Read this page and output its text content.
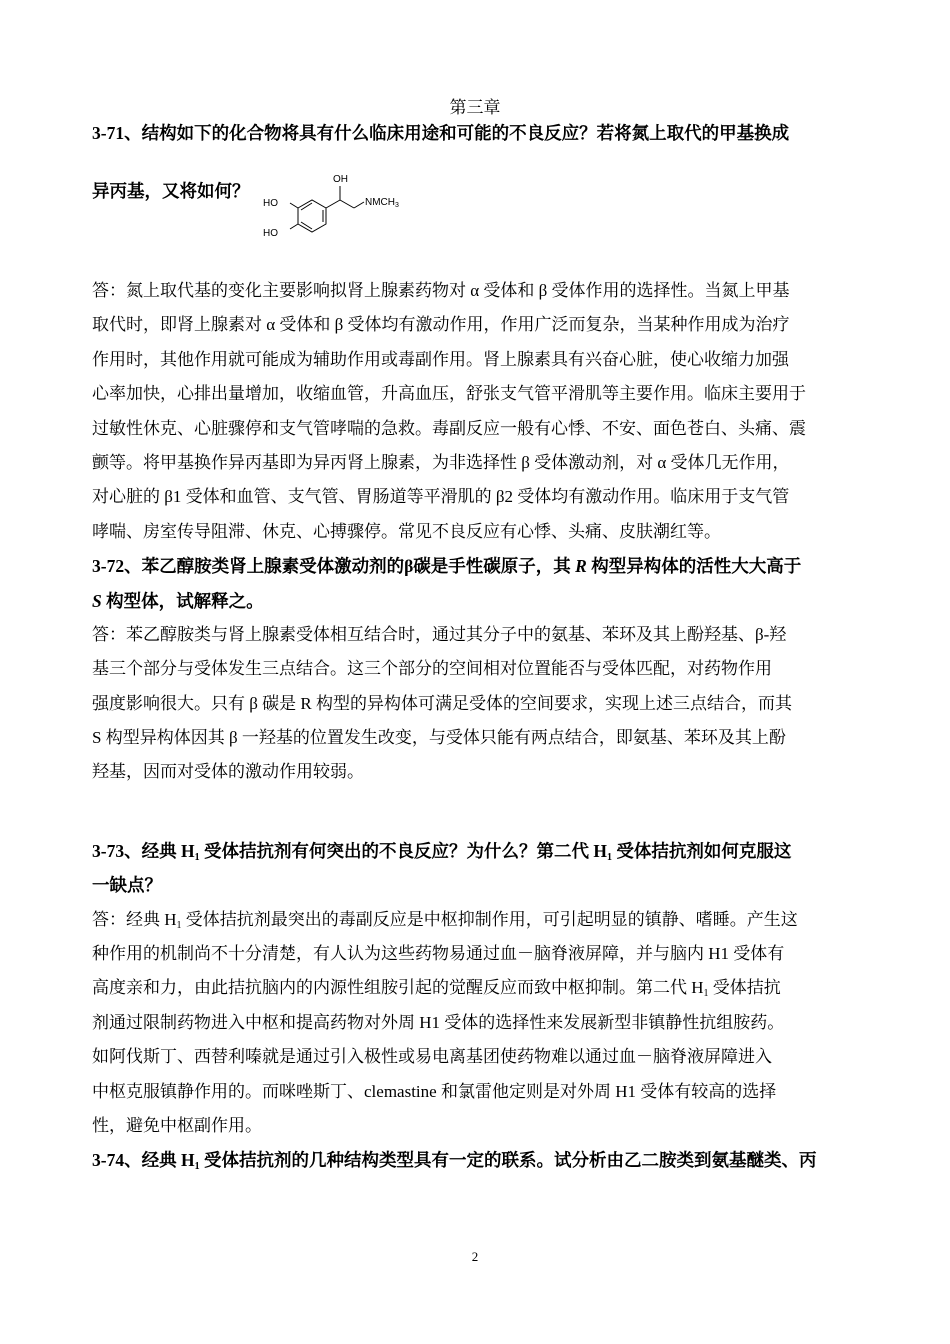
第三章
3-71、结构如下的化合物将具有什么临床用途和可能的不良反应？若将氮上取代的甲基换成
异丙基，又将如何？
OH
HO
HO
$NMCH_3$
答：氮上取代基的变化主要影响拟肾上腺素药物对 α 受体和 β 受体作用的选择性。当氮上甲基
取代时，即肾上腺素对 α 受体和 β 受体均有激动作用，作用广泛而复杂，当某种作用成为治疗
作用时，其他作用就可能成为辅助作用或毒副作用。肾上腺素具有兴奋心脏，使心收缩力加强
心率加快，心排出量增加，收缩血管，升高血压，舒张支气管平滑肌等主要作用。临床主要用于
过敏性休克、心脏骤停和支气管哮喘的急救。毒副反应一般有心悸、不安、面色苍白、头痛、震
颤等。将甲基换作异丙基即为异丙肾上腺素，为非选择性 β 受体激动剂，对 α 受体几无作用，
对心脏的 β1 受体和血管、支气管、胃肠道等平滑肌的 β2 受体均有激动作用。临床用于支气管
哮喘、房室传导阻滞、休克、心搏骤停。常见不良反应有心悸、头痛、皮肤潮红等。
3-72、苯乙醇胺类肾上腺素受体激动剂的β碳是手性碳原子，其 R 构型异构体的活性大大高于
S 构型体，试解释之。
答：苯乙醇胺类与肾上腺素受体相互结合时，通过其分子中的氨基、苯环及其上酚羟基、β-羟
基三个部分与受体发生三点结合。这三个部分的空间相对位置能否与受体匹配，对药物作用
强度影响很大。只有 β 碳是 R 构型的异构体可满足受体的空间要求，实现上述三点结合，而其
S 构型异构体因其 β 一羟基的位置发生改变，与受体只能有两点结合，即氨基、苯环及其上酚
羟基，因而对受体的激动作用较弱。
3-73、经典 $H_1$ 受体拮抗剂有何突出的不良反应？为什么？第二代 $H_1$ 受体拮抗剂如何克服这
一缺点？
答：经典 $H_1$ 受体拮抗剂最突出的毒副反应是中枢抑制作用，可引起明显的镇静、嗜睡。产生这
种作用的机制尚不十分清楚，有人认为这些药物易通过血－脑脊液屏障，并与脑内 H1 受体有
高度亲和力，由此拮抗脑内的内源性组胺引起的觉醒反应而致中枢抑制。第二代 $H_1$ 受体拮抗
剂通过限制药物进入中枢和提高药物对外周 H1 受体的选择性来发展新型非镇静性抗组胺药。
如阿伐斯丁、西替利嗪就是通过引入极性或易电离基团使药物难以通过血－脑脊液屏障进入
中枢克服镇静作用的。而咪唑斯丁、clemastine 和氯雷他定则是对外周 H1 受体有较高的选择
性，避免中枢副作用。
3-74、经典 $H_1$ 受体拮抗剂的几种结构类型具有一定的联系。试分析由乙二胺类到氨基醚类、丙
2
